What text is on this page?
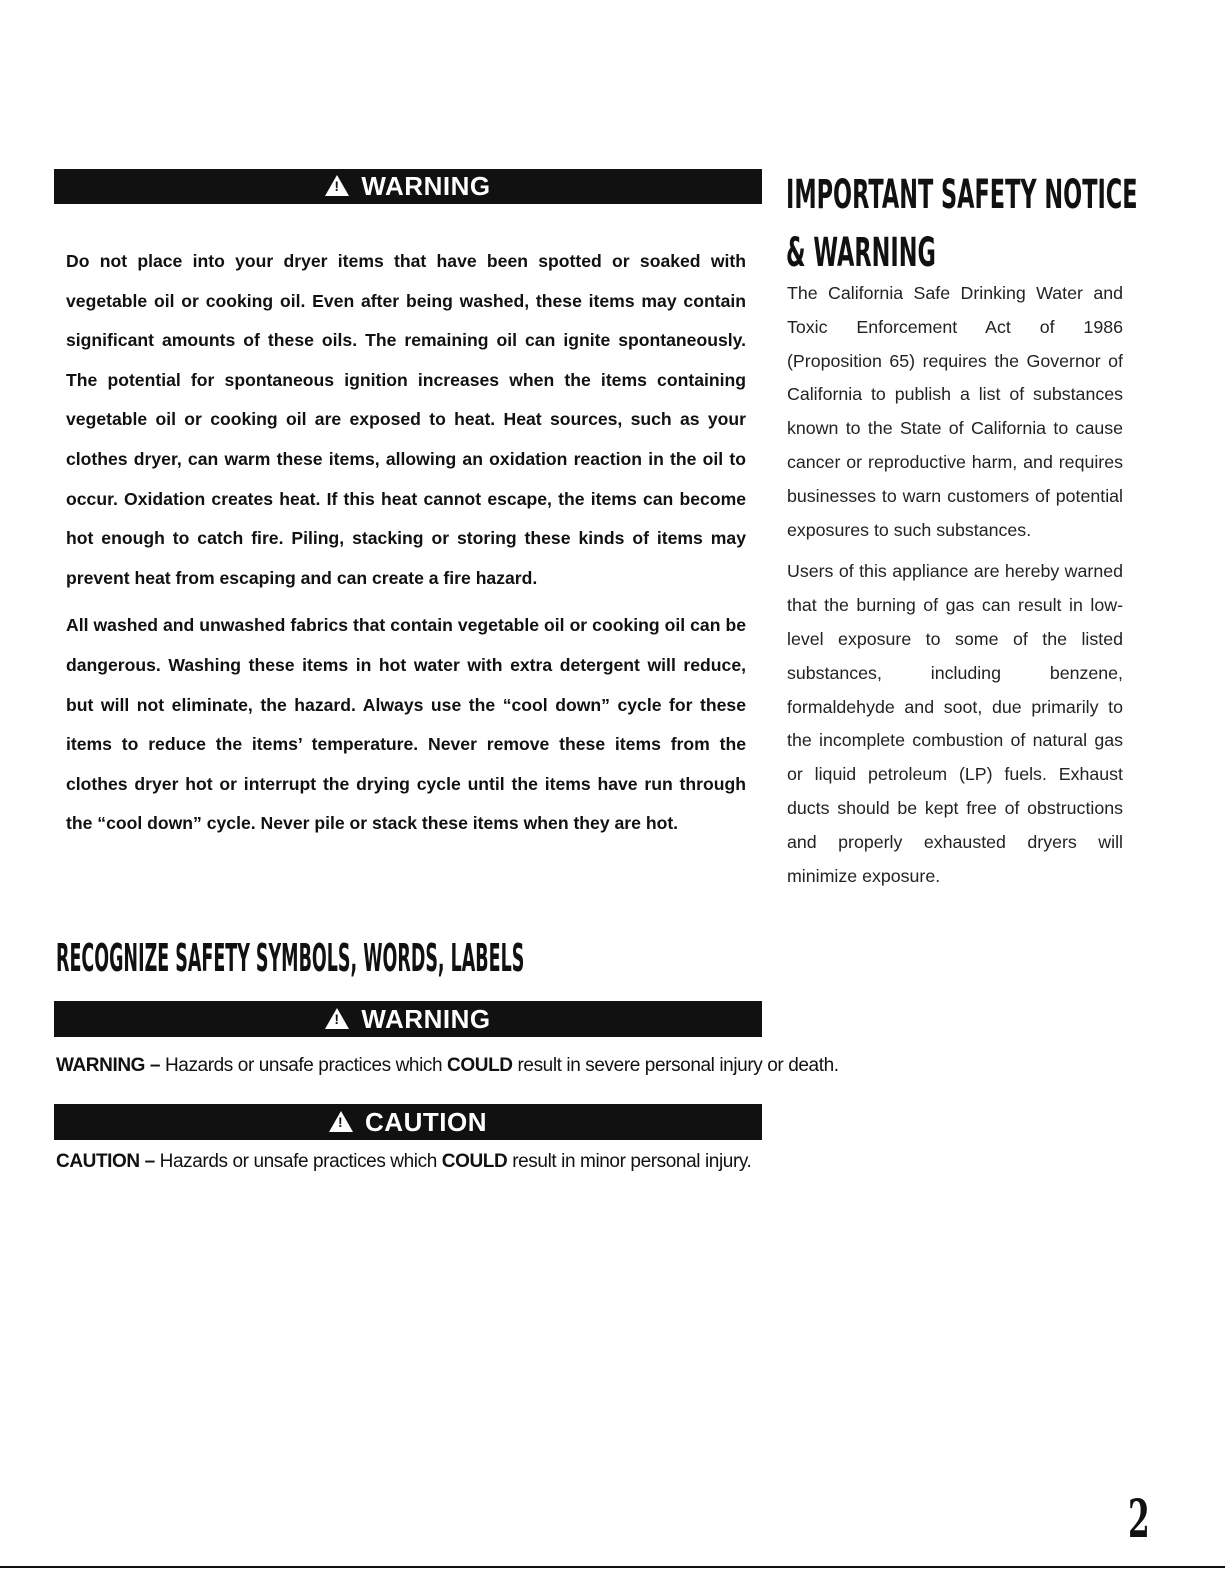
!
WARNING

Do not place into your dryer items that have been spotted or soaked with vegetable oil or cooking oil. Even after being washed, these items may contain significant amounts of these oils. The remaining oil can ignite spontaneously. The potential for spontaneous ignition increases when the items containing vegetable oil or cooking oil are exposed to heat. Heat sources, such as your clothes dryer, can warm these items, allowing an oxidation reaction in the oil to occur. Oxidation creates heat. If this heat cannot escape, the items can become hot enough to catch fire. Piling, stacking or storing these kinds of items may prevent heat from escaping and can create a fire hazard.

All washed and unwashed fabrics that contain vegetable oil or cooking oil can be dangerous. Washing these items in hot water with extra detergent will reduce, but will not eliminate, the hazard. Always use the “cool down” cycle for these items to reduce the items’ temperature. Never remove these items from the clothes dryer hot or interrupt the drying cycle until the items have run through the “cool down” cycle. Never pile or stack these items when they are hot.

IMPORTANT SAFETY NOTICE
& WARNING

The California Safe Drinking Water and Toxic Enforcement Act of 1986 (Proposition 65) requires the Governor of California to publish a list of substances known to the State of California to cause cancer or reproductive harm, and requires businesses to warn customers of potential exposures to such substances.

Users of this appliance are hereby warned that the burning of gas can result in low-level exposure to some of the listed substances, including benzene, formaldehyde and soot, due primarily to the incomplete combustion of natural gas or liquid petroleum (LP) fuels. Exhaust ducts should be kept free of obstructions and properly exhausted dryers will minimize exposure.

RECOGNIZE SAFETY SYMBOLS, WORDS, LABELS
!
WARNING

WARNING – Hazards or unsafe practices which COULD result in severe personal injury or death.

!
CAUTION

CAUTION – Hazards or unsafe practices which COULD result in minor personal injury.

2
